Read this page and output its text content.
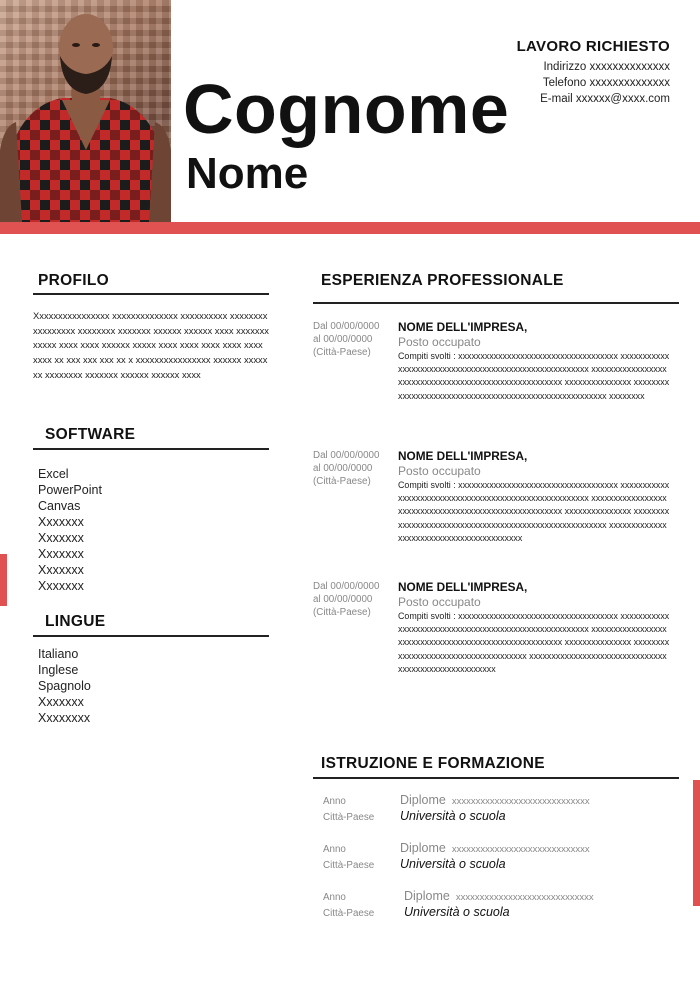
Cognome
Nome
LAVORO RICHIESTO
Indirizzo xxxxxxxxxxxxxx
Telefono xxxxxxxxxxxxxx
E-mail xxxxxx@xxxx.com
PROFILO

Xxxxxxxxxxxxxxxx xxxxxxxxxxxxxx xxxxxxxxxx xxxxxxxx xxxxxxxxx xxxxxxxx xxxxxxx xxxxxx xxxxxx xxxx xxxxxxx xxxxx xxxx xxxx xxxxxx xxxxx xxxx xxxx xxxx xxxx xxxx xxxx xx xxx xxx xxx xx x xxxxxxxxxxxxxxxx xxxxxx xxxxxxx xxxxxxxx xxxxxxx xxxxxx xxxxxx xxxx

SOFTWARE
Excel
PowerPoint
Canvas
Xxxxxxx
Xxxxxxx
Xxxxxxx
Xxxxxxx
Xxxxxxx
LINGUE
Italiano
Inglese
Spagnolo
Xxxxxxx
Xxxxxxxx
ESPERIENZA PROFESSIONALE
Dal 00/00/0000
al 00/00/0000
(Città-Paese)
NOME DELL'IMPRESA,
Posto occupato

Compiti svolti : xxxxxxxxxxxxxxxxxxxxxxxxxxxxxxxxxxxx xxxxxxxxxxxxxxxxxxxxxxxxxxxxxxxxxxxxxxxxxxxxxxxxxxxxxx xxxxxxxxxxxxxxxxxxxxxxxxxxxxxxxxxxxxxxxxxxxxxxxxxxxxxx xxxxxxxxxxxxxxx xxxxxxxxxxxxxxxxxxxxxxxxxxxxxxxxxxxxxxxxxxxxxxxxxxxxxxx xxxxxxxx

Dal 00/00/0000
al 00/00/0000
(Città-Paese)
NOME DELL'IMPRESA,
Posto occupato

Compiti svolti : xxxxxxxxxxxxxxxxxxxxxxxxxxxxxxxxxxxx xxxxxxxxxxxxxxxxxxxxxxxxxxxxxxxxxxxxxxxxxxxxxxxxxxxxxx xxxxxxxxxxxxxxxxxxxxxxxxxxxxxxxxxxxxxxxxxxxxxxxxxxxxxx xxxxxxxxxxxxxxx xxxxxxxxxxxxxxxxxxxxxxxxxxxxxxxxxxxxxxxxxxxxxxxxxxxxxxx xxxxxxxxxxxxxxxxxxxxxxxxxxxxxxxxxxxxxxxxx

Dal 00/00/0000
al 00/00/0000
(Città-Paese)
NOME DELL'IMPRESA,
Posto occupato

Compiti svolti : xxxxxxxxxxxxxxxxxxxxxxxxxxxxxxxxxxxx xxxxxxxxxxxxxxxxxxxxxxxxxxxxxxxxxxxxxxxxxxxxxxxxxxxxxx xxxxxxxxxxxxxxxxxxxxxxxxxxxxxxxxxxxxxxxxxxxxxxxxxxxxxx xxxxxxxxxxxxxxx xxxxxxxxxxxxxxxxxxxxxxxxxxxxxxxxxxxxx xxxxxxxxxxxxxxxxxxxxxxxxxxxxxxxxxxxxxxxxxxxxxxxxxxxxx

ISTRUZIONE E FORMAZIONE
Anno
Città-Paese
Diplome xxxxxxxxxxxxxxxxxxxxxxxxxxxxx
Università o scuola
Anno
Città-Paese
Diplome xxxxxxxxxxxxxxxxxxxxxxxxxxxxx
Università o scuola
Anno
Città-Paese
Diplome xxxxxxxxxxxxxxxxxxxxxxxxxxxxx
Università o scuola
